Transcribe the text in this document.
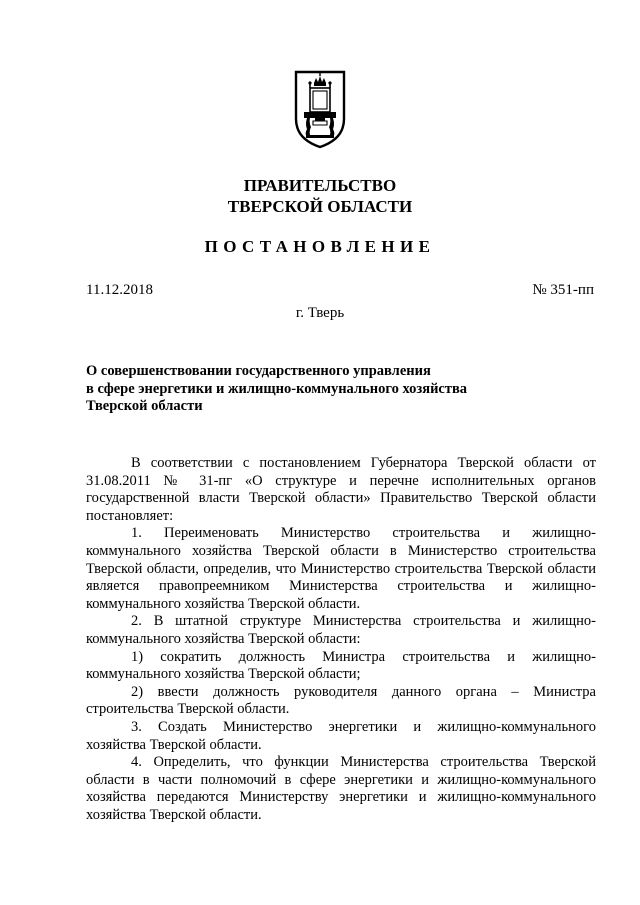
ПРАВИТЕЛЬСТВО
ТВЕРСКОЙ ОБЛАСТИ
ПОСТАНОВЛЕНИЕ
11.12.2018	№ 351-пп
г. Тверь
О совершенствовании государственного управления
в сфере энергетики и жилищно-коммунального хозяйства
Тверской области

В соответствии с постановлением Губернатора Тверской области от 31.08.2011 № 31-пг «О структуре и перечне исполнительных органов государственной власти Тверской области» Правительство Тверской области постановляет:

1. Переименовать Министерство строительства и жилищно-коммунального хозяйства Тверской области в Министерство строительства Тверской области, определив, что Министерство строительства Тверской области является правопреемником Министерства строительства и жилищно-коммунального хозяйства Тверской области.

2. В штатной структуре Министерства строительства и жилищно-коммунального хозяйства Тверской области:

1) сократить должность Министра строительства и жилищно-коммунального хозяйства Тверской области;

2) ввести должность руководителя данного органа – Министра строительства Тверской области.

3. Создать Министерство энергетики и жилищно-коммунального хозяйства Тверской области.

4. Определить, что функции Министерства строительства Тверской области в части полномочий в сфере энергетики и жилищно-коммунального хозяйства передаются Министерству энергетики и жилищно-коммунального хозяйства Тверской области.
